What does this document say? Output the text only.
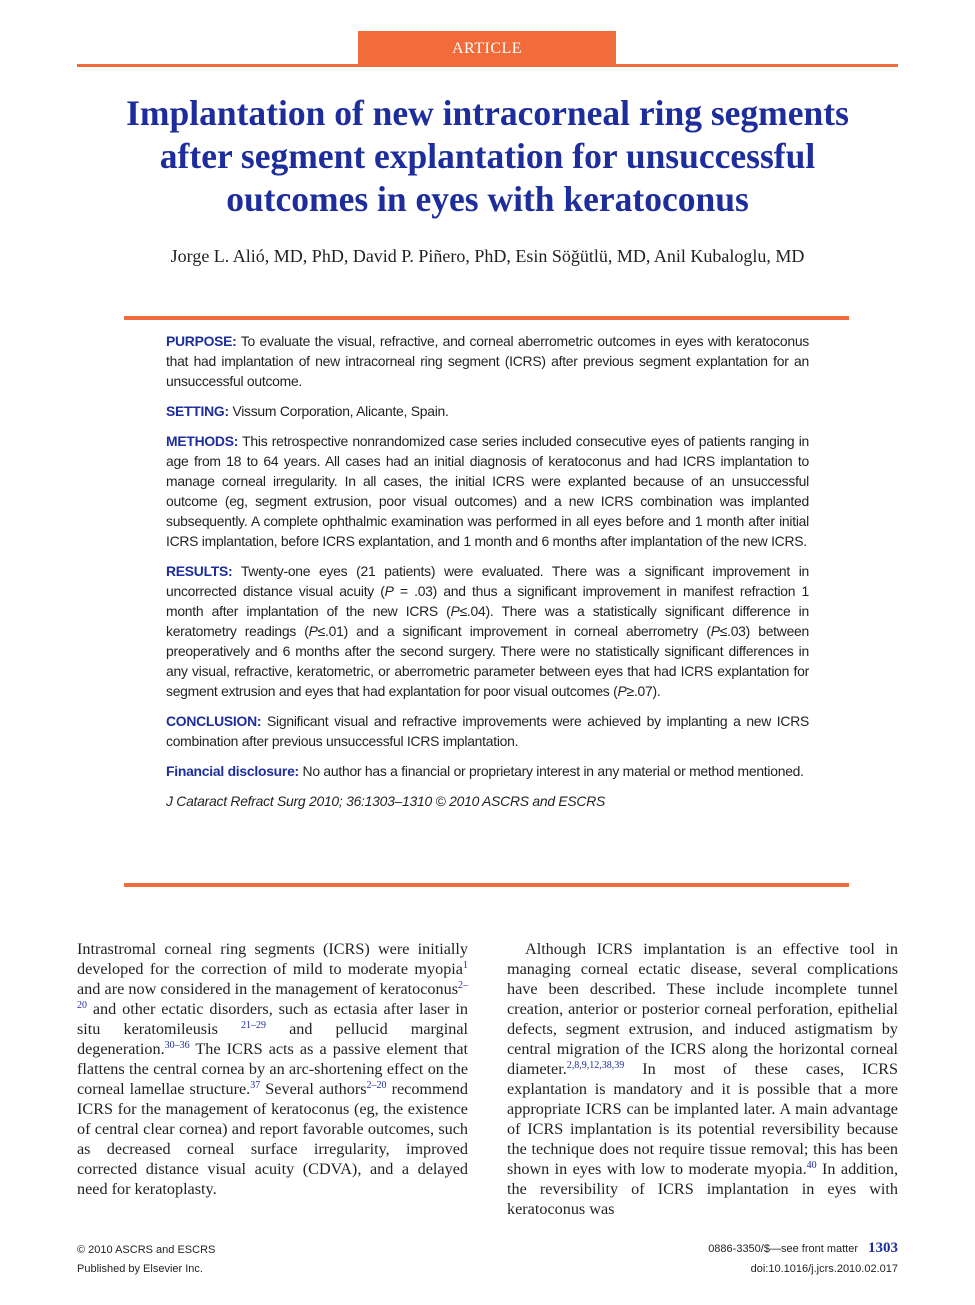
ARTICLE
Implantation of new intracorneal ring segments
after segment explantation for unsuccessful
outcomes in eyes with keratoconus
Jorge L. Alió, MD, PhD, David P. Piñero, PhD, Esin Söğütlü, MD, Anil Kubaloglu, MD

PURPOSE: To evaluate the visual, refractive, and corneal aberrometric outcomes in eyes with keratoconus that had implantation of new intracorneal ring segment (ICRS) after previous segment explantation for an unsuccessful outcome.

SETTING: Vissum Corporation, Alicante, Spain.

METHODS: This retrospective nonrandomized case series included consecutive eyes of patients ranging in age from 18 to 64 years. All cases had an initial diagnosis of keratoconus and had ICRS implantation to manage corneal irregularity. In all cases, the initial ICRS were explanted because of an unsuccessful outcome (eg, segment extrusion, poor visual outcomes) and a new ICRS combination was implanted subsequently. A complete ophthalmic examination was performed in all eyes before and 1 month after initial ICRS implantation, before ICRS explantation, and 1 month and 6 months after implantation of the new ICRS.

RESULTS: Twenty-one eyes (21 patients) were evaluated. There was a significant improvement in uncorrected distance visual acuity (P = .03) and thus a significant improvement in manifest refraction 1 month after implantation of the new ICRS (P≤.04). There was a statistically significant difference in keratometry readings (P≤.01) and a significant improvement in corneal aberrometry (P≤.03) between preoperatively and 6 months after the second surgery. There were no statistically significant differences in any visual, refractive, keratometric, or aberrometric parameter between eyes that had ICRS explantation for segment extrusion and eyes that had explantation for poor visual outcomes (P≥.07).

CONCLUSION: Significant visual and refractive improvements were achieved by implanting a new ICRS combination after previous unsuccessful ICRS implantation.

Financial disclosure: No author has a financial or proprietary interest in any material or method mentioned.

J Cataract Refract Surg 2010; 36:1303–1310 © 2010 ASCRS and ESCRS

Intrastromal corneal ring segments (ICRS) were initially developed for the correction of mild to moderate myopia$^1$ and are now considered in the management of keratoconus$^{2-20}$ and other ectatic disorders, such as ectasia after laser in situ keratomileusis $^{21-29}$ and pellucid marginal degeneration.$^{30-36}$ The ICRS acts as a passive element that flattens the central cornea by an arc-shortening effect on the corneal lamellae structure.$^{37}$ Several authors$^{2-20}$ recommend ICRS for the management of keratoconus (eg, the existence of central clear cornea) and report favorable outcomes, such as decreased corneal surface irregularity, improved corrected distance visual acuity (CDVA), and a delayed need for keratoplasty.

Although ICRS implantation is an effective tool in managing corneal ectatic disease, several complications have been described. These include incomplete tunnel creation, anterior or posterior corneal perforation, epithelial defects, segment extrusion, and induced astigmatism by central migration of the ICRS along the horizontal corneal diameter.$^{2,8,9,12,38,39}$ In most of these cases, ICRS explantation is mandatory and it is possible that a more appropriate ICRS can be implanted later. A main advantage of ICRS implantation is its potential reversibility because the technique does not require tissue removal; this has been shown in eyes with low to moderate myopia.$^{40}$ In addition, the reversibility of ICRS implantation in eyes with keratoconus was

© 2010 ASCRS and ESCRS
Published by Elsevier Inc.
0886-3350/$—see front matter 1303
doi:10.1016/j.jcrs.2010.02.017
